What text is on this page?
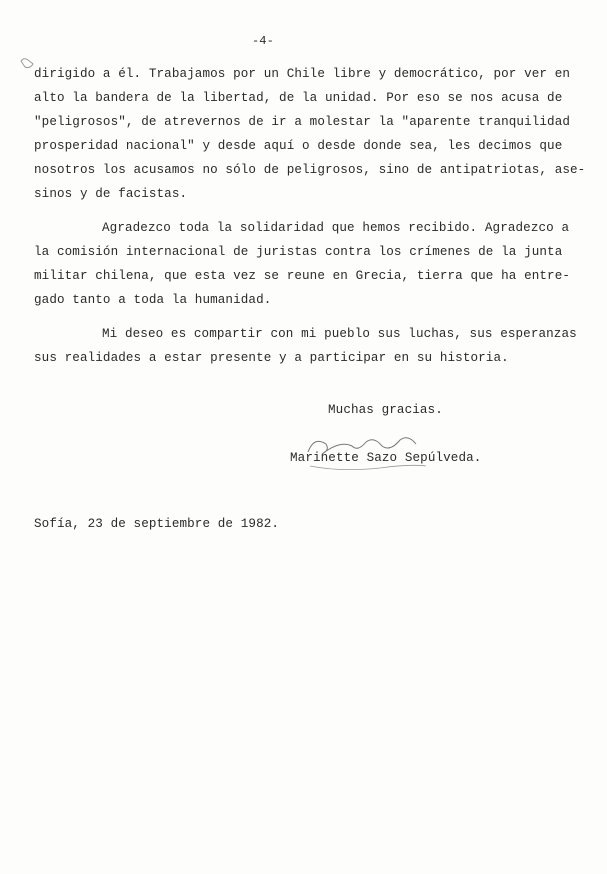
-4-

dirigido a él. Trabajamos por un Chile libre y democrático, por ver en

alto la bandera de la libertad, de la unidad. Por eso se nos acusa de

"peligrosos", de atrevernos de ir a molestar la "aparente tranquilidad

prosperidad nacional" y desde aquí o desde donde sea, les decimos que

nosotros los acusamos no sólo de peligrosos, sino de antipatriotas, ase-

sinos y de facistas.

Agradezco toda la solidaridad que hemos recibido. Agradezco a

la comisión internacional de juristas contra los crímenes de la junta

militar chilena, que esta vez se reune en Grecia, tierra que ha entre-

gado tanto a toda la humanidad.

Mi deseo es compartir con mi pueblo sus luchas, sus esperanzas

sus realidades a estar presente y a participar en su historia.

Muchas gracias.
Marinette Sazo Sepúlveda.
Sofía, 23 de septiembre de 1982.
